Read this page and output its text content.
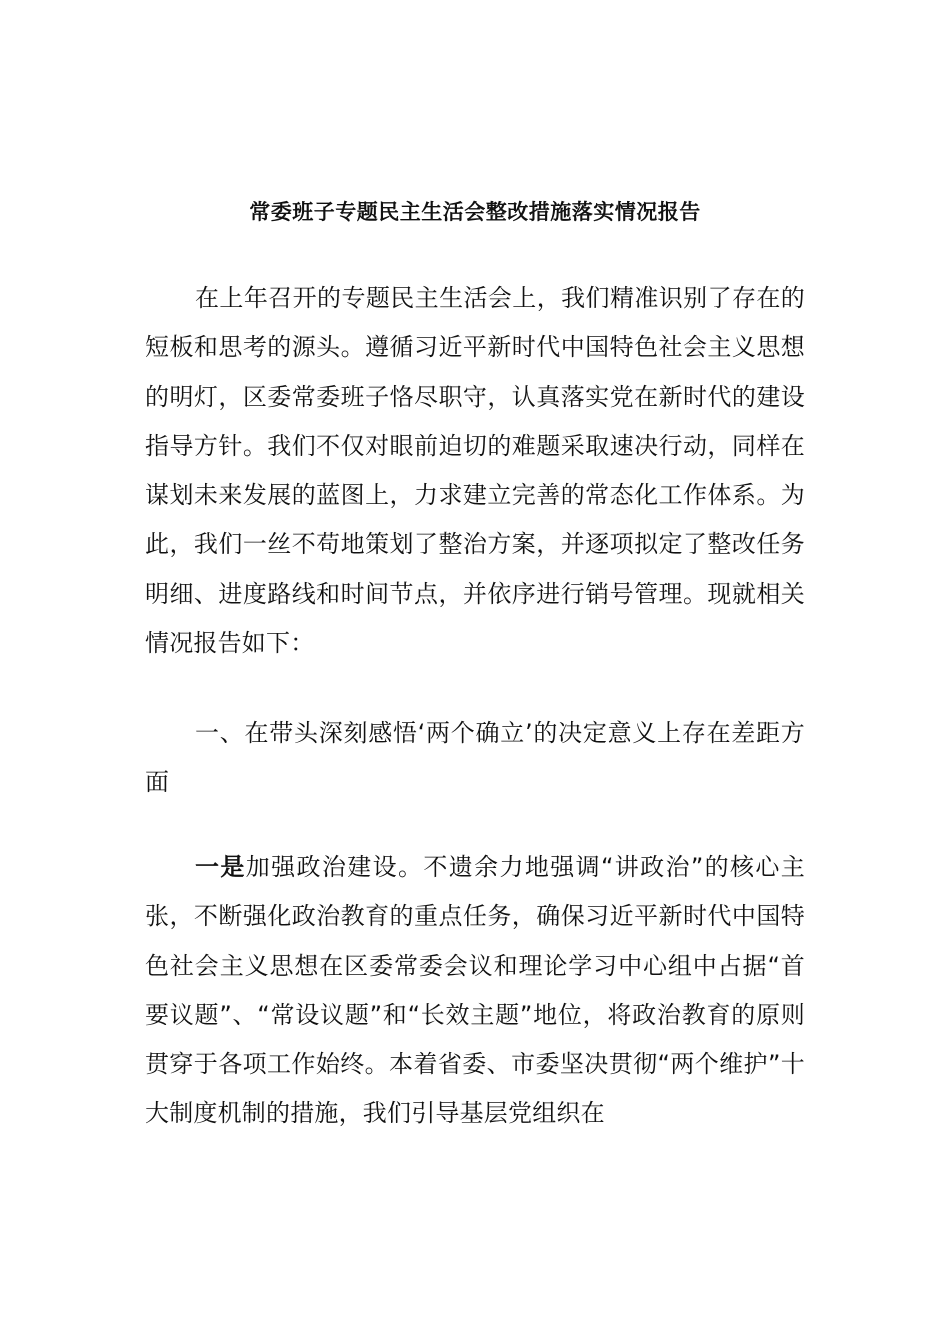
常委班子专题民主生活会整改措施落实情况报告

在上年召开的专题民主生活会上，我们精准识别了存在的短板和思考的源头。遵循习近平新时代中国特色社会主义思想的明灯，区委常委班子恪尽职守，认真落实党在新时代的建设指导方针。我们不仅对眼前迫切的难题采取速决行动，同样在谋划未来发展的蓝图上，力求建立完善的常态化工作体系。为此，我们一丝不苟地策划了整治方案，并逐项拟定了整改任务明细、进度路线和时间节点，并依序进行销号管理。现就相关情况报告如下：

一、在带头深刻感悟‘两个确立’的决定意义上存在差距方面

一是加强政治建设。不遗余力地强调“讲政治”的核心主张，不断强化政治教育的重点任务，确保习近平新时代中国特色社会主义思想在区委常委会议和理论学习中心组中占据“首要议题”、“常设议题”和“长效主题”地位，将政治教育的原则贯穿于各项工作始终。本着省委、市委坚决贯彻“两个维护”十大制度机制的措施，我们引导基层党组织在
